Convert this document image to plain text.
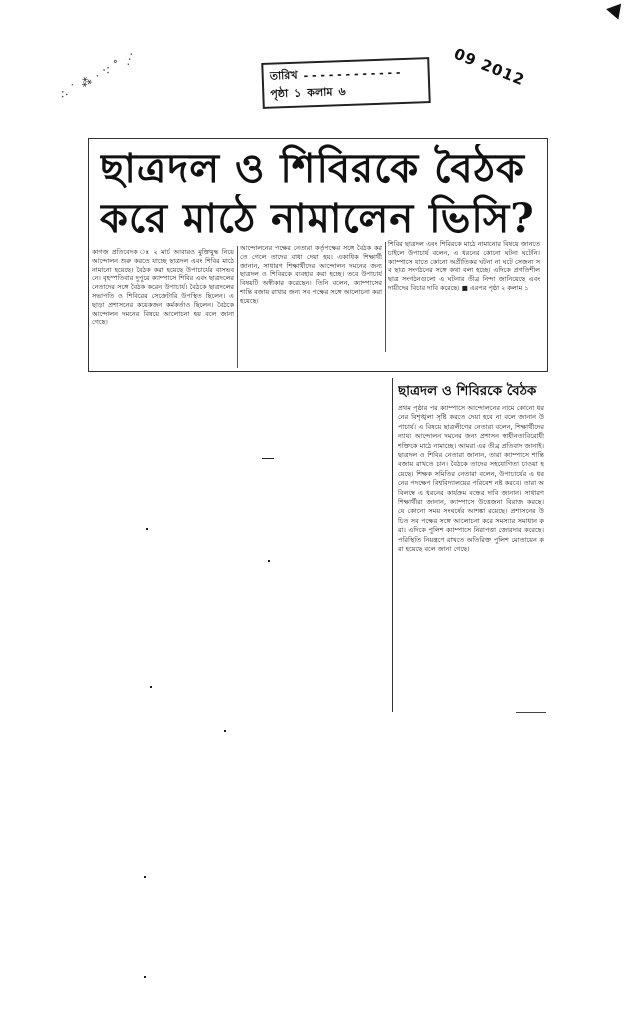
∴ ˙ ⁂ · ∵ ˚ ⋰	তারিখ - - - - - - - - - - - -
পৃষ্ঠা ১ কলাম ৬
09 2012
ছাত্রদল ও শিবিরকে বৈঠক
করে মাঠে নামালেন ভিসি?
কাগজ প্রতিবেদক ঃ ২ মার্চ আবারও মুক্তিযুদ্ধ নিয়ে আন্দোলন শুরু করতে যাচ্ছে ছাত্রদল এবং শিবির মাঠে নামানো হয়েছে। বৈঠক করা হয়েছে উপাচার্যের বাসভবনে। বৃহস্পতিবার দুপুরে ক্যাম্পাসে শিবির এবং ছাত্রদলের নেতাদের সঙ্গে বৈঠক করেন উপাচার্য। বৈঠকে ছাত্রদলের সভাপতি ও শিবিরের সেক্রেটারি উপস্থিত ছিলেন। এছাড়া প্রশাসনের কয়েকজন কর্মকর্তাও ছিলেন। বৈঠকে আন্দোলন দমনের বিষয়ে আলোচনা হয় বলে জানা গেছে।
আন্দোলনের পক্ষের নেতারা কর্তৃপক্ষের সঙ্গে বৈঠক করতে গেলে তাদের বাধা দেয়া হয়। একাধিক শিক্ষার্থী জানান, সাধারণ শিক্ষার্থীদের আন্দোলন দমনের জন্য ছাত্রদল ও শিবিরকে ব্যবহার করা হচ্ছে। তবে উপাচার্য বিষয়টি অস্বীকার করেছেন। তিনি বলেন, ক্যাম্পাসের শান্তি বজায় রাখার জন্য সব পক্ষের সঙ্গে আলোচনা করা হয়েছে।
শিবির ছাত্রদল এবং শিবিরকে মাঠে নামানোর বিষয়ে জানতে চাইলে উপাচার্য বলেন, এ ধরনের কোনো ঘটনা ঘটেনি। ক্যাম্পাসে যাতে কোনো অপ্রীতিকর ঘটনা না ঘটে সেজন্য সব ছাত্র সংগঠনের সঙ্গে কথা বলা হচ্ছে। এদিকে প্রগতিশীল ছাত্র সংগঠনগুলো এ ঘটনার তীব্র নিন্দা জানিয়েছে এবং দায়ীদের বিচার দাবি করেছে। ■ এরপর পৃষ্ঠা ২ কলাম ১
ছাত্রদল ও শিবিরকে বৈঠক
প্রথম পৃষ্ঠার পর ক্যাম্পাসে আন্দোলনের নামে কোনো ধরনের বিশৃঙ্খলা সৃষ্টি করতে দেয়া হবে না বলে জানান উপাচার্য। এ বিষয়ে ছাত্রলীগের নেতারা বলেন, শিক্ষার্থীদের ন্যায্য আন্দোলন দমনের জন্য প্রশাসন স্বাধীনতাবিরোধী শক্তিকে মাঠে নামাচ্ছে। আমরা এর তীব্র প্রতিবাদ জানাই। ছাত্রদল ও শিবির নেতারা জানান, তারা ক্যাম্পাসে শান্তি বজায় রাখতে চান। বৈঠকে তাদের সহযোগিতা চাওয়া হয়েছে। শিক্ষক সমিতির নেতারা বলেন, উপাচার্যের এ ধরনের পদক্ষেপ বিশ্ববিদ্যালয়ের পরিবেশ নষ্ট করবে। তারা অবিলম্বে এ ধরনের কার্যক্রম বন্ধের দাবি জানান। সাধারণ শিক্ষার্থীরা জানান, ক্যাম্পাসে উত্তেজনা বিরাজ করছে। যে কোনো সময় সংঘর্ষের আশঙ্কা রয়েছে। প্রশাসনের উচিত সব পক্ষের সঙ্গে আলোচনা করে সমস্যার সমাধান করা। এদিকে পুলিশ ক্যাম্পাসে নিরাপত্তা জোরদার করেছে। পরিস্থিতি নিয়ন্ত্রণে রাখতে অতিরিক্ত পুলিশ মোতায়েন করা হয়েছে বলে জানা গেছে।
